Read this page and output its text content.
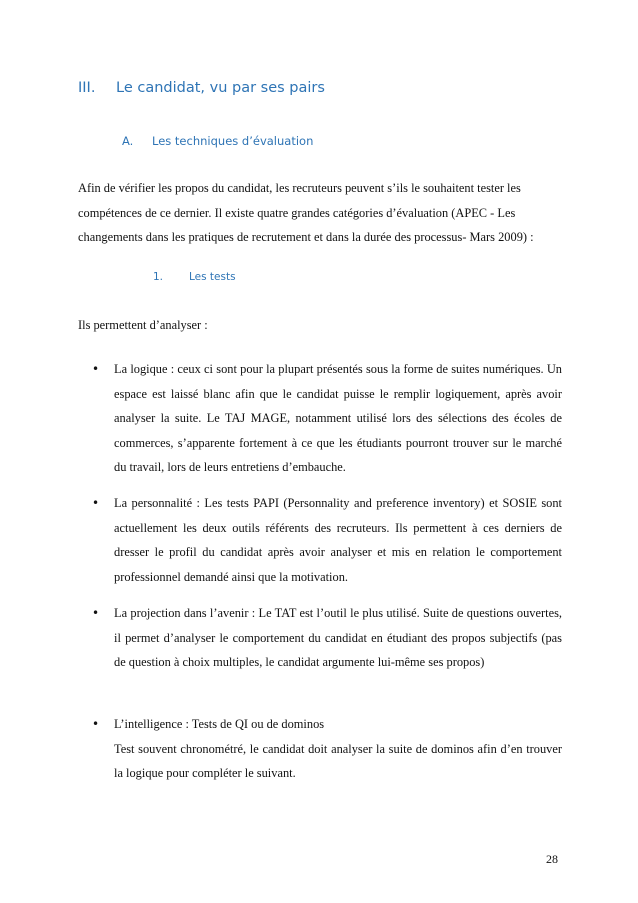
III. Le candidat, vu par ses pairs
A. Les techniques d’évaluation
Afin de vérifier les propos du candidat, les recruteurs peuvent s’ils le souhaitent tester les
compétences de ce dernier. Il existe quatre grandes catégories d’évaluation (APEC - Les
changements dans les pratiques de recrutement et dans la durée des processus- Mars 2009) :
1. Les tests
Ils permettent d’analyser :
• La logique : ceux ci sont pour la plupart présentés sous la forme de suites numériques. Un espace est laissé blanc afin que le candidat puisse le remplir logiquement, après avoir analyser la suite. Le TAJ MAGE, notamment utilisé lors des sélections des écoles de commerces, s’apparente fortement à ce que les étudiants pourront trouver sur le marché du travail, lors de leurs entretiens d’embauche.
• La personnalité : Les tests PAPI (Personnality and preference inventory) et SOSIE sont actuellement les deux outils référents des recruteurs. Ils permettent à ces derniers de dresser le profil du candidat après avoir analyser et mis en relation le comportement professionnel demandé ainsi que la motivation.
• La projection dans l’avenir : Le TAT est l’outil le plus utilisé. Suite de questions ouvertes, il permet d’analyser le comportement du candidat en étudiant des propos subjectifs (pas de question à choix multiples, le candidat argumente lui-même ses propos)
• L’intelligence : Tests de QI ou de dominos
Test souvent chronométré, le candidat doit analyser la suite de dominos afin d’en trouver la logique pour compléter le suivant.
28
